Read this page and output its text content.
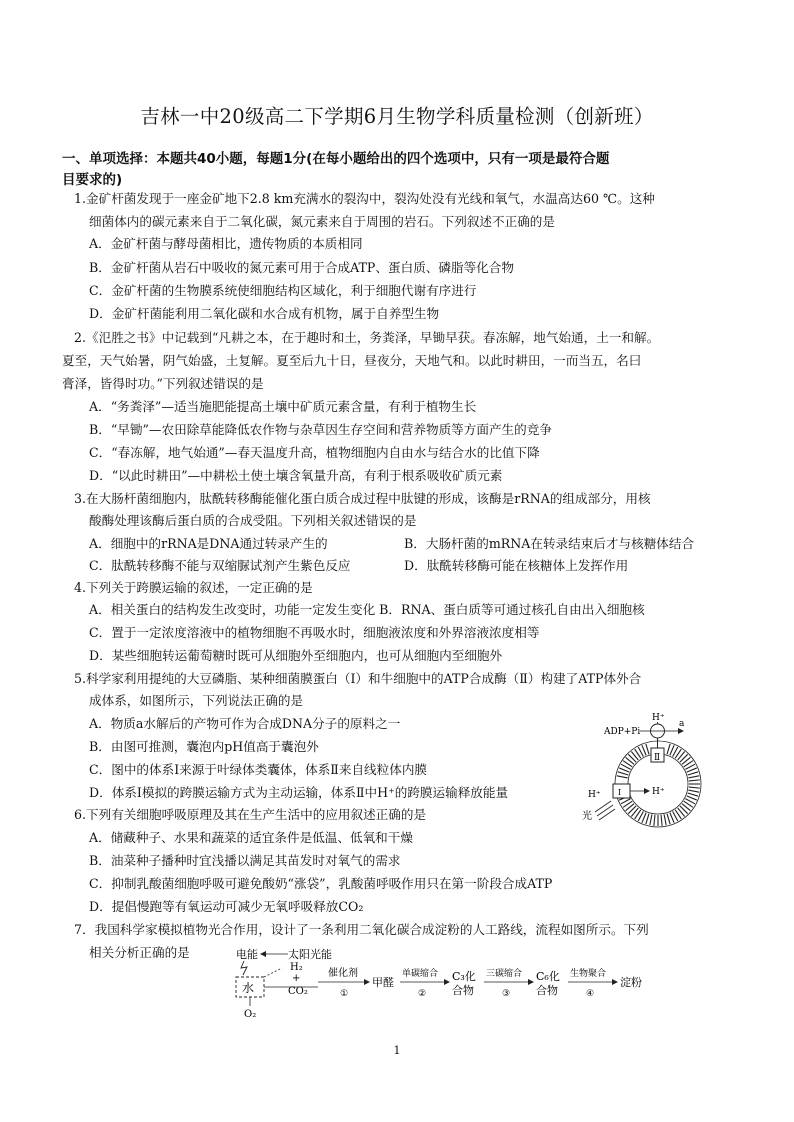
吉林一中20级高二下学期6月生物学科质量检测（创新班）
一、单项选择：本题共40小题，每题1分(在每小题给出的四个选项中，只有一项是最符合题
目要求的)
1.金矿杆菌发现于一座金矿地下2.8 km充满水的裂沟中，裂沟处没有光线和氧气，水温高达60 ℃。这种
细菌体内的碳元素来自于二氧化碳，氮元素来自于周围的岩石。下列叙述不正确的是
A．金矿杆菌与酵母菌相比，遗传物质的本质相同
B．金矿杆菌从岩石中吸收的氮元素可用于合成ATP、蛋白质、磷脂等化合物
C．金矿杆菌的生物膜系统使细胞结构区域化，利于细胞代谢有序进行
D．金矿杆菌能利用二氧化碳和水合成有机物，属于自养型生物
2.《氾胜之书》中记载到“凡耕之本，在于趣时和土，务粪泽，早锄早获。春冻解，地气始通，土一和解。
夏至，天气始暑，阴气始盛，土复解。夏至后九十日，昼夜分，天地气和。以此时耕田，一而当五，名曰
膏泽，皆得时功。”下列叙述错误的是
A．“务粪泽”—适当施肥能提高土壤中矿质元素含量，有利于植物生长
B．“早锄”—农田除草能降低农作物与杂草因生存空间和营养物质等方面产生的竞争
C．“春冻解，地气始通”—春天温度升高，植物细胞内自由水与结合水的比值下降
D．“以此时耕田”—中耕松土使土壤含氧量升高，有利于根系吸收矿质元素
3.在大肠杆菌细胞内，肽酰转移酶能催化蛋白质合成过程中肽键的形成，该酶是rRNA的组成部分，用核
酸酶处理该酶后蛋白质的合成受阻。下列相关叙述错误的是
A．细胞中的rRNA是DNA通过转录产生的	B．大肠杆菌的mRNA在转录结束后才与核糖体结合
C．肽酰转移酶不能与双缩脲试剂产生紫色反应	D．肽酰转移酶可能在核糖体上发挥作用
4.下列关于跨膜运输的叙述，一定正确的是
A．相关蛋白的结构发生改变时，功能一定发生变化 B．RNA、蛋白质等可通过核孔自由出入细胞核
C．置于一定浓度溶液中的植物细胞不再吸水时，细胞液浓度和外界溶液浓度相等
D．某些细胞转运葡萄糖时既可从细胞外至细胞内，也可从细胞内至细胞外
5.科学家利用提纯的大豆磷脂、某种细菌膜蛋白（Ⅰ）和牛细胞中的ATP合成酶（Ⅱ）构建了ATP体外合
成体系，如图所示，下列说法正确的是
A．物质a水解后的产物可作为合成DNA分子的原料之一
B．由图可推测，囊泡内pH值高于囊泡外
C．图中的体系Ⅰ来源于叶绿体类囊体，体系Ⅱ来自线粒体内膜
D．体系Ⅰ模拟的跨膜运输方式为主动运输，体系Ⅱ中H⁺的跨膜运输释放能量
Ⅱ
H⁺
ADP+Pi
a
Ⅰ
H⁺	H⁺
光
6.下列有关细胞呼吸原理及其在生产生活中的应用叙述正确的是
A．储藏种子、水果和蔬菜的适宜条件是低温、低氧和干燥
B．油菜种子播种时宜浅播以满足其苗发时对氧气的需求
C．抑制乳酸菌细胞呼吸可避免酸奶“涨袋”，乳酸菌呼吸作用只在第一阶段合成ATP
D．提倡慢跑等有氧运动可减少无氧呼吸释放CO₂
7．我国科学家模拟植物光合作用，设计了一条利用二氧化碳合成淀粉的人工路线，流程如图所示。下列
相关分析正确的是	电能	太阳光能
水
O₂
H₂
+
CO₂
催化剂
①
甲醛
单碳缩合
②
C₃化
合物
三碳缩合
③
C₆化
合物
生物聚合
④
淀粉
1
